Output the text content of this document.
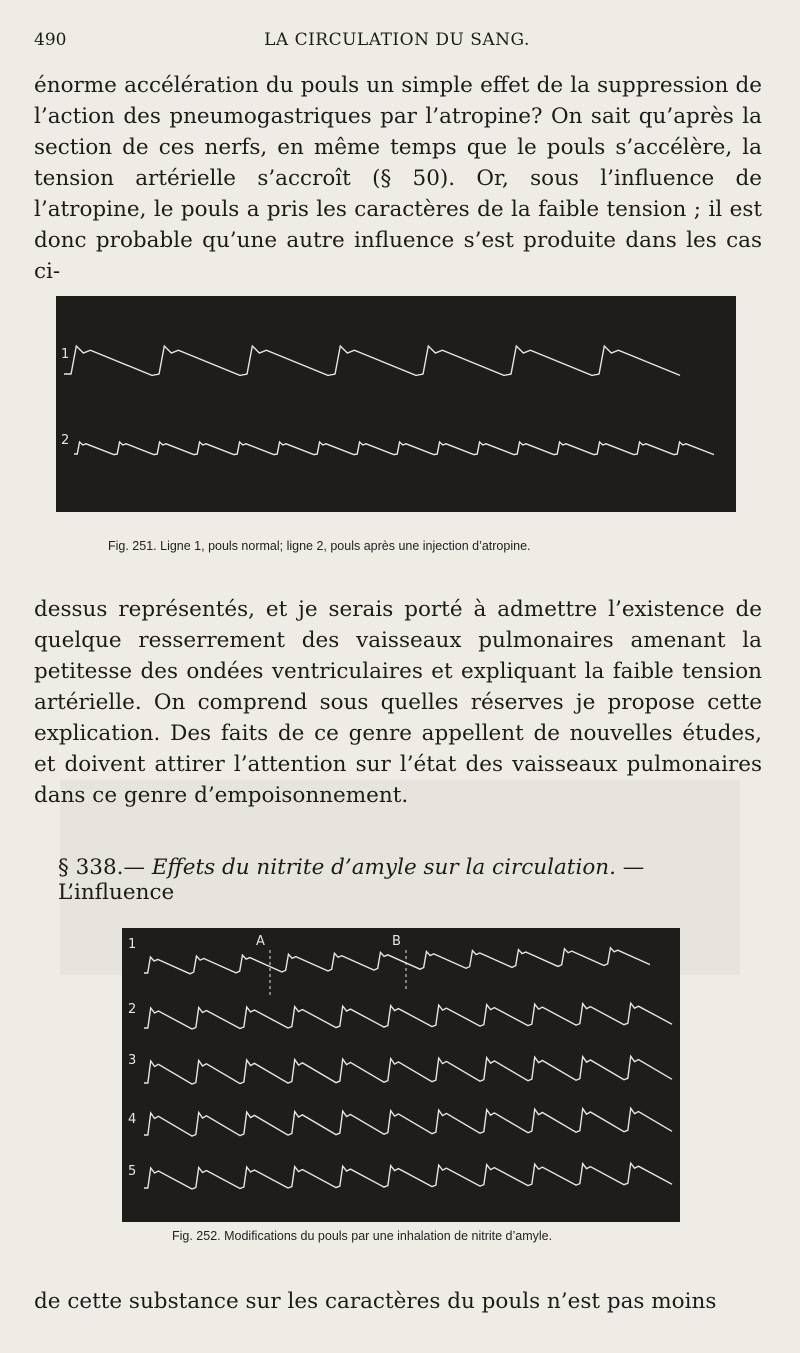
490	LA CIRCULATION DU SANG.

énorme accélération du pouls un simple effet de la suppression de l’action des pneumogastriques par l’atropine? On sait qu’après la section de ces nerfs, en même temps que le pouls s’accélère, la tension artérielle s’accroît (§ 50). Or, sous l’influence de l’atropine, le pouls a pris les caractères de la faible tension ; il est donc probable qu’une autre influence s’est produite dans les cas ci-

1
2
Fig. 251. Ligne 1, pouls normal; ligne 2, pouls après une injection d’atropine.

dessus représentés, et je serais porté à admettre l’existence de quelque resserrement des vaisseaux pulmonaires amenant la petitesse des ondées ventriculaires et expliquant la faible tension artérielle. On comprend sous quelles réserves je propose cette explication. Des faits de ce genre appellent de nouvelles études, et doivent attirer l’attention sur l’état des vaisseaux pulmonaires dans ce genre d’empoisonnement.

§ 338.— Effets du nitrite d’amyle sur la circulation. — L’influence
1
2
3
4
5
A	B
Fig. 252. Modifications du pouls par une inhalation de nitrite d’amyle.

de cette substance sur les caractères du pouls n’est pas moins
